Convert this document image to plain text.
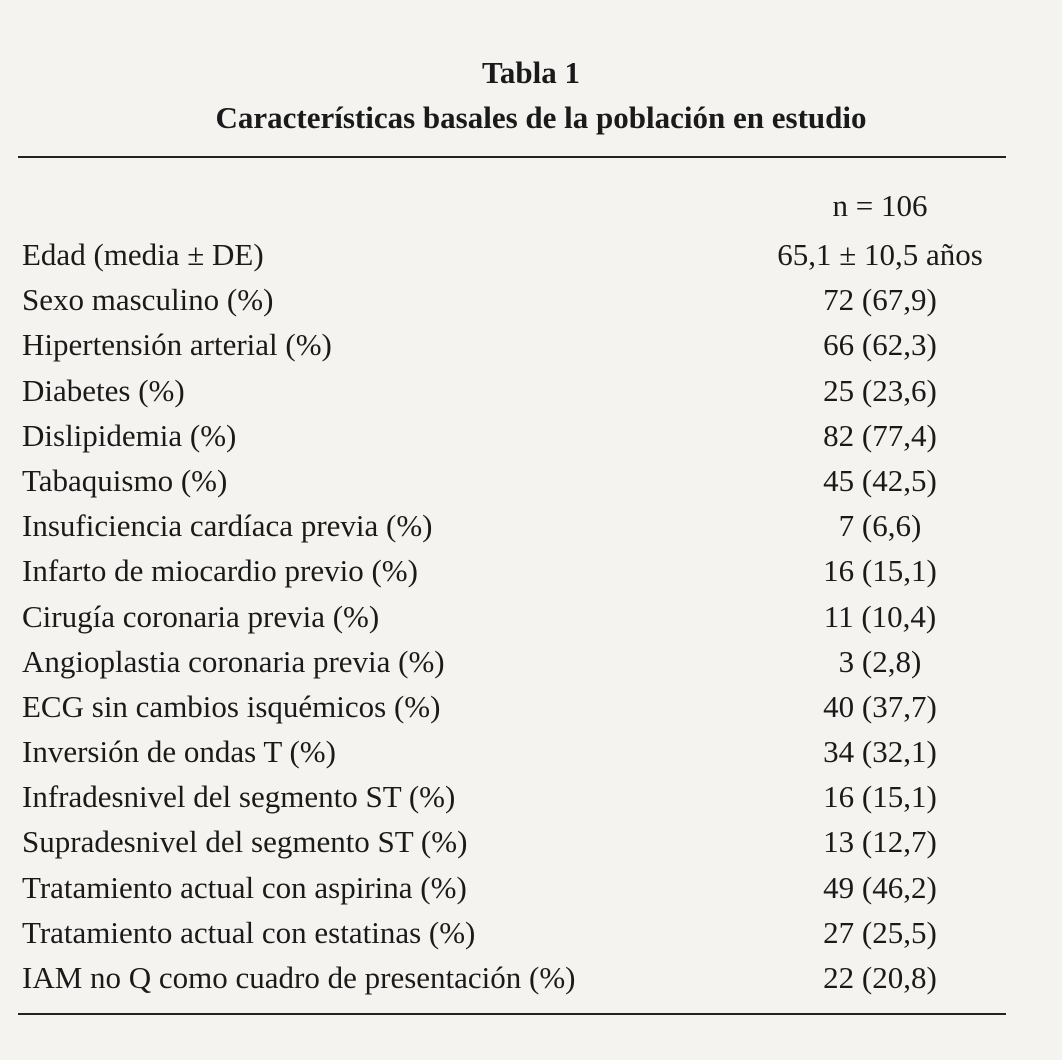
Tabla 1
Características basales de la población en estudio
n = 106
Edad (media ± DE)	65,1 ± 10,5 años
Sexo masculino (%)	72 (67,9)
Hipertensión arterial (%)	66 (62,3)
Diabetes (%)	25 (23,6)
Dislipidemia (%)	82 (77,4)
Tabaquismo (%)	45 (42,5)
Insuficiencia cardíaca previa (%)	7 (6,6)
Infarto de miocardio previo (%)	16 (15,1)
Cirugía coronaria previa (%)	11 (10,4)
Angioplastia coronaria previa (%)	3 (2,8)
ECG sin cambios isquémicos (%)	40 (37,7)
Inversión de ondas T (%)	34 (32,1)
Infradesnivel del segmento ST (%)	16 (15,1)
Supradesnivel del segmento ST (%)	13 (12,7)
Tratamiento actual con aspirina (%)	49 (46,2)
Tratamiento actual con estatinas (%)	27 (25,5)
IAM no Q como cuadro de presentación (%)	22 (20,8)
